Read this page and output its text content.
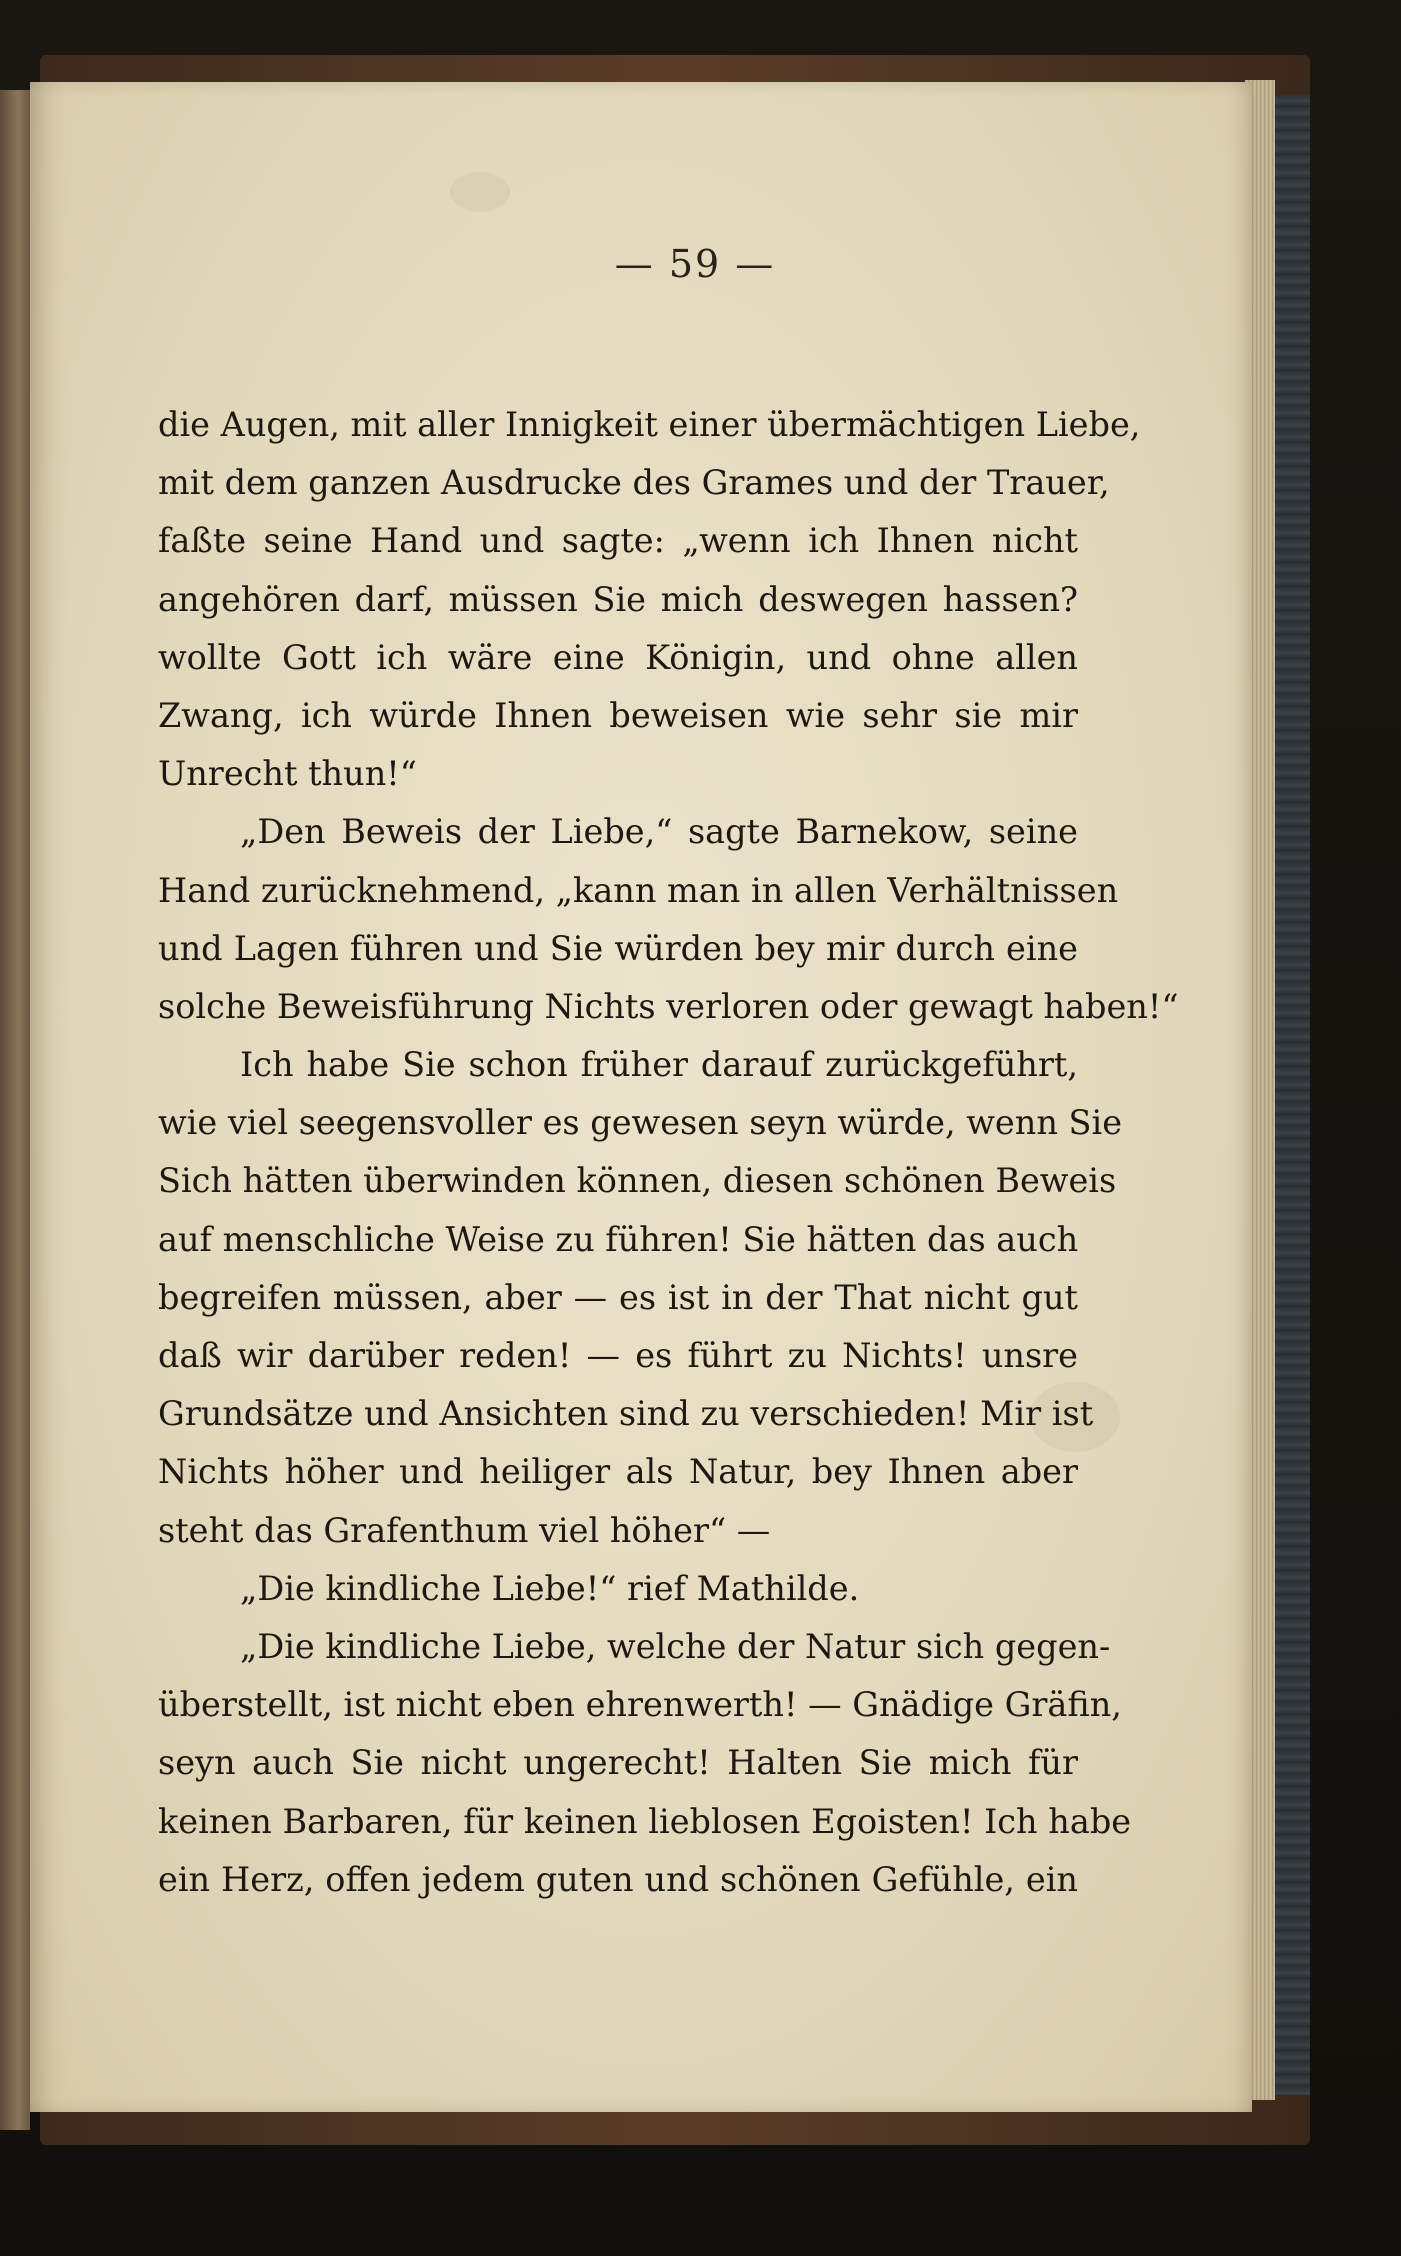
— 59 —
die Augen, mit aller Innigkeit einer übermächtigen Liebe,
mit dem ganzen Ausdrucke des Grames und der Trauer,
faßte seine Hand und sagte: „wenn ich Ihnen nicht
angehören darf, müssen Sie mich deswegen hassen?
wollte Gott ich wäre eine Königin, und ohne allen
Zwang, ich würde Ihnen beweisen wie sehr sie mir
Unrecht thun!“
„Den Beweis der Liebe,“ sagte Barnekow, seine
Hand zurücknehmend, „kann man in allen Verhältnissen
und Lagen führen und Sie würden bey mir durch eine
solche Beweisführung Nichts verloren oder gewagt haben!“
Ich habe Sie schon früher darauf zurückgeführt,
wie viel seegensvoller es gewesen seyn würde, wenn Sie
Sich hätten überwinden können, diesen schönen Beweis
auf menschliche Weise zu führen! Sie hätten das auch
begreifen müssen, aber — es ist in der That nicht gut
daß wir darüber reden! — es führt zu Nichts! unsre
Grundsätze und Ansichten sind zu verschieden! Mir ist
Nichts höher und heiliger als Natur, bey Ihnen aber
steht das Grafenthum viel höher“ —
„Die kindliche Liebe!“ rief Mathilde.
„Die kindliche Liebe, welche der Natur sich gegen-
überstellt, ist nicht eben ehrenwerth! — Gnädige Gräfin,
seyn auch Sie nicht ungerecht! Halten Sie mich für
keinen Barbaren, für keinen lieblosen Egoisten! Ich habe
ein Herz, offen jedem guten und schönen Gefühle, ein
